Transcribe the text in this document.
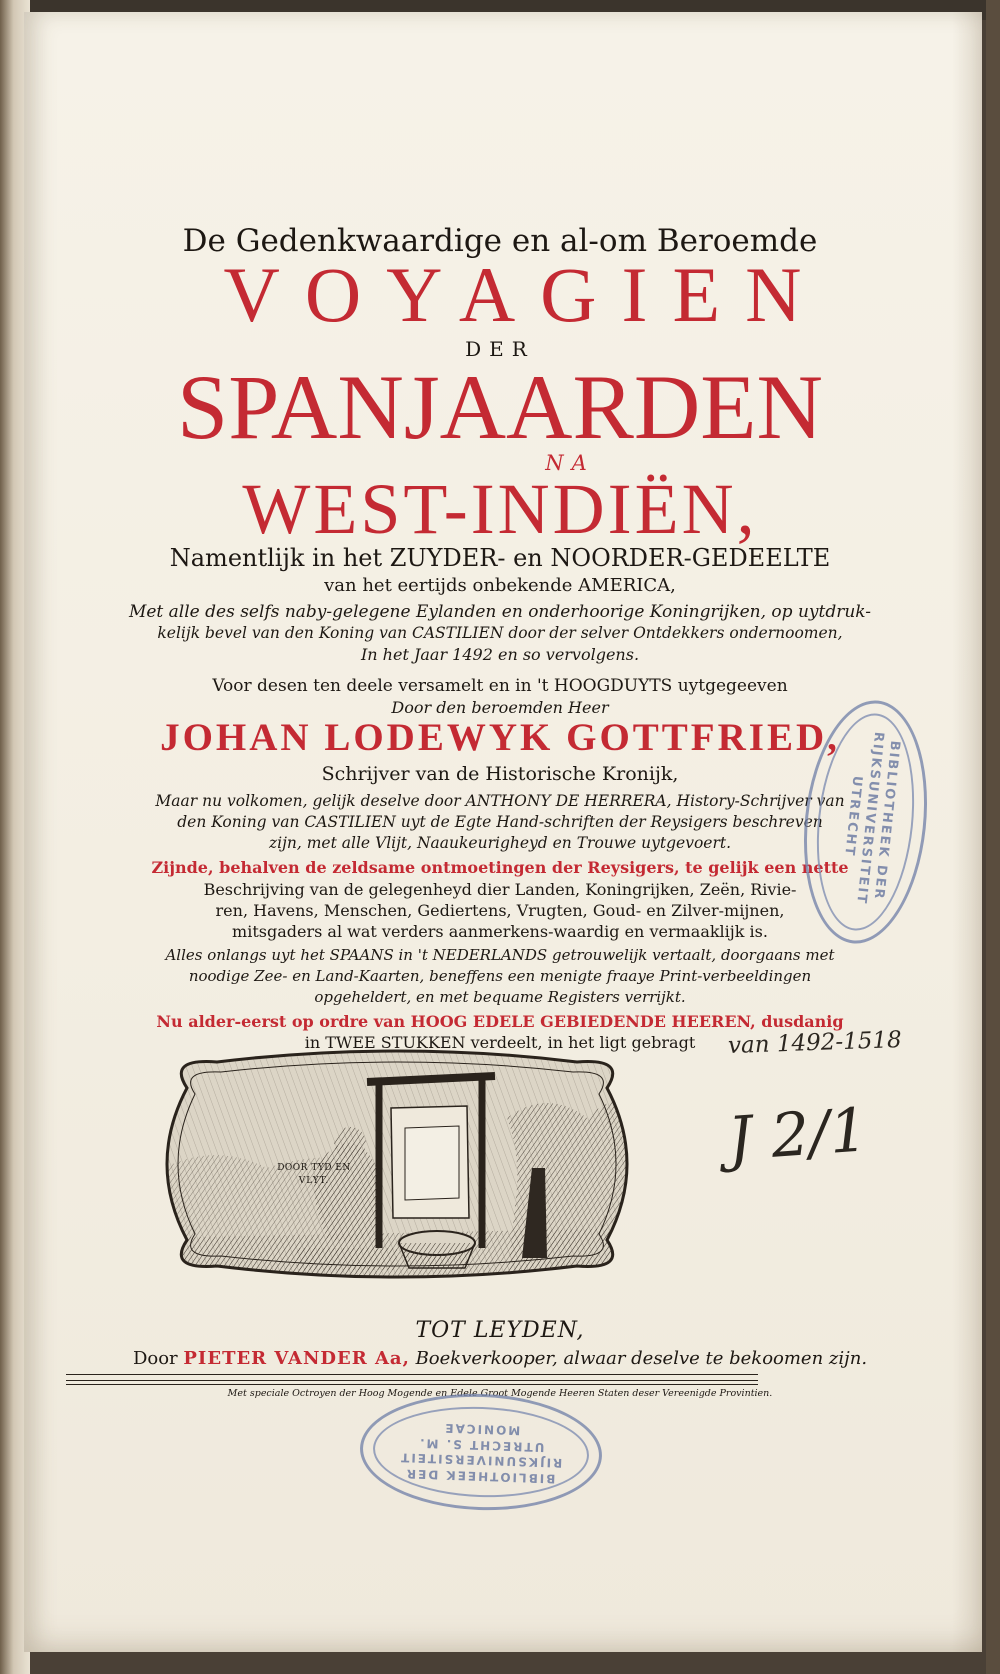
De Gedenkwaardige en al-om Beroemde
VOYAGIEN
DER
SPANJAARDEN
NA
WEST-INDIËN,
Namentlijk in het ZUYDER- en NOORDER-GEDEELTE
van het eertijds onbekende AMERICA,
Met alle des selfs naby-gelegene Eylanden en onderhoorige Koningrijken, op uytdruk-
kelijk bevel van den Koning van CASTILIEN door der selver Ontdekkers ondernoomen,
In het Jaar 1492 en so vervolgens.
Voor desen ten deele versamelt en in 't HOOGDUYTS uytgegeeven
Door den beroemden Heer
JOHAN LODEWYK GOTTFRIED,
Schrijver van de Historische Kronijk,
Maar nu volkomen, gelijk deselve door ANTHONY DE HERRERA, History-Schrijver van
den Koning van CASTILIEN uyt de Egte Hand-schriften der Reysigers beschreven
zijn, met alle Vlijt, Naaukeurigheyd en Trouwe uytgevoert.
Zijnde, behalven de zeldsame ontmoetingen der Reysigers, te gelijk een nette
Beschrijving van de gelegenheyd dier Landen, Koningrijken, Zeën, Rivie-
ren, Havens, Menschen, Gediertens, Vrugten, Goud- en Zilver-mijnen,
mitsgaders al wat verders aanmerkens-waardig en vermaaklijk is.
Alles onlangs uyt het SPAANS in 't NEDERLANDS getrouwelijk vertaalt, doorgaans met
noodige Zee- en Land-Kaarten, beneffens een menigte fraaye Print-verbeeldingen
opgeheldert, en met bequame Registers verrijkt.
Nu alder-eerst op ordre van HOOG EDELE GEBIEDENDE HEEREN, dusdanig
in TWEE STUKKEN verdeelt, in het ligt gebragt
DOOR TYD EN
VLYT.
TOT LEYDEN,
Door PIETER VANDER Aa, Boekverkooper, alwaar deselve te bekoomen zijn.
Met speciale Octroyen der Hoog Mogende en Edele Groot Mogende Heeren Staten deser Vereenigde Provintien.
van 1492-1518
J 2/1
BIBLIOTHEEK DER RIJKSUNIVERSITEIT UTRECHT
BIBLIOTHEEK DER RIJKSUNIVERSITEIT UTRECHT S. M. MONICAE
